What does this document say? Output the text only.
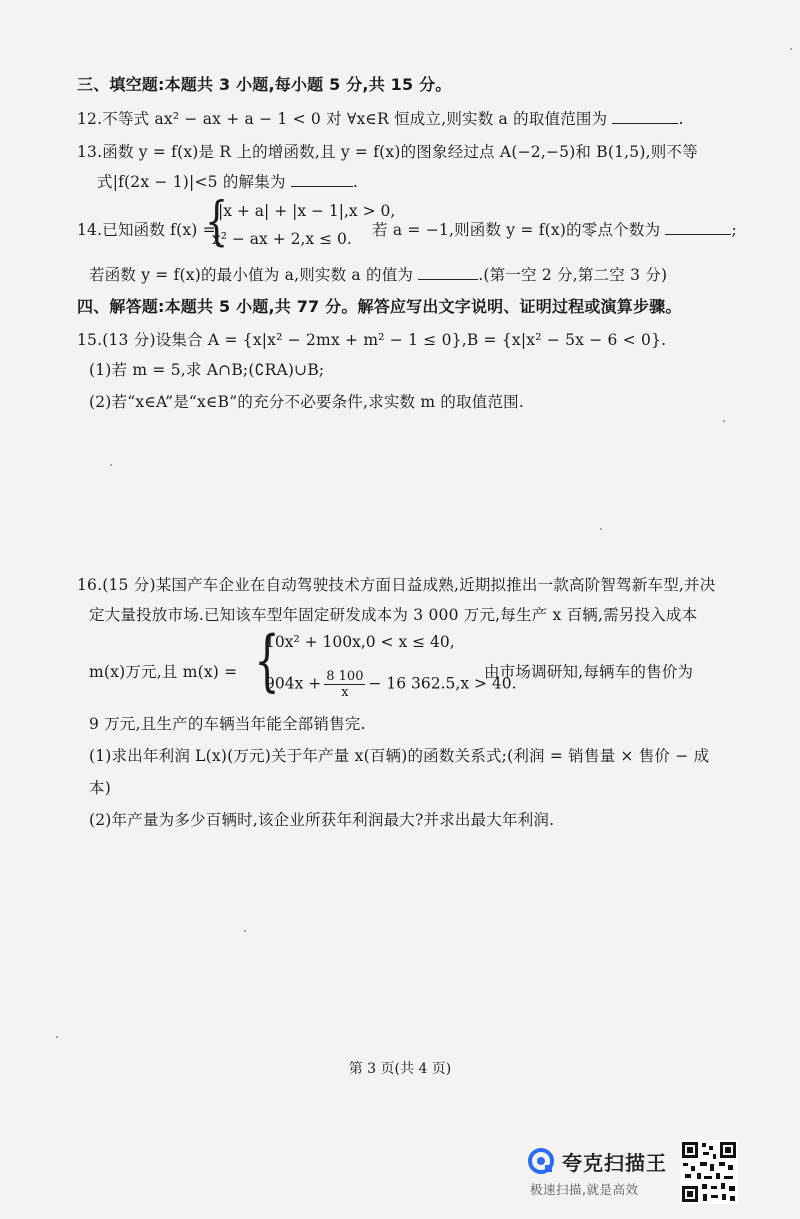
三、填空题:本题共 3 小题,每小题 5 分,共 15 分。
12.不等式 ax² − ax + a − 1 < 0 对 ∀x∈R 恒成立,则实数 a 的取值范围为	.
13.函数 y = f(x)是 R 上的增函数,且 y = f(x)的图象经过点 A(−2,−5)和 B(1,5),则不等
式|f(2x − 1)|<5 的解集为	.
14.已知函数 f(x) =
{
|x + a| + |x − 1|,x > 0,
x² − ax + 2,x ≤ 0. 若 a = −1,则函数 y = f(x)的零点个数为	;
若函数 y = f(x)的最小值为 a,则实数 a 的值为	.(第一空 2 分,第二空 3 分)
四、解答题:本题共 5 小题,共 77 分。解答应写出文字说明、证明过程或演算步骤。
15.(13 分)设集合 A = {x|x² − 2mx + m² − 1 ≤ 0},B = {x|x² − 5x − 6 < 0}.
(1)若 m = 5,求 A∩B;(∁RA)∪B;
(2)若“x∈A”是“x∈B”的充分不必要条件,求实数 m 的取值范围.
16.(15 分)某国产车企业在自动驾驶技术方面日益成熟,近期拟推出一款高阶智驾新车型,并决
定大量投放市场.已知该车型年固定研发成本为 3 000 万元,每生产 x 百辆,需另投入成本
m(x)万元,且 m(x) = {
10x² + 100x,0 < x ≤ 40,
$904x + \frac{8 100}{x} - 16$ 362.5,x > 40.
由市场调研知,每辆车的售价为
9 万元,且生产的车辆当年能全部销售完.
(1)求出年利润 L(x)(万元)关于年产量 x(百辆)的函数关系式;(利润 = 销售量 × 售价 − 成
本)
(2)年产量为多少百辆时,该企业所获年利润最大?并求出最大年利润.
第 3 页(共 4 页)
夸克扫描王
极速扫描,就是高效
